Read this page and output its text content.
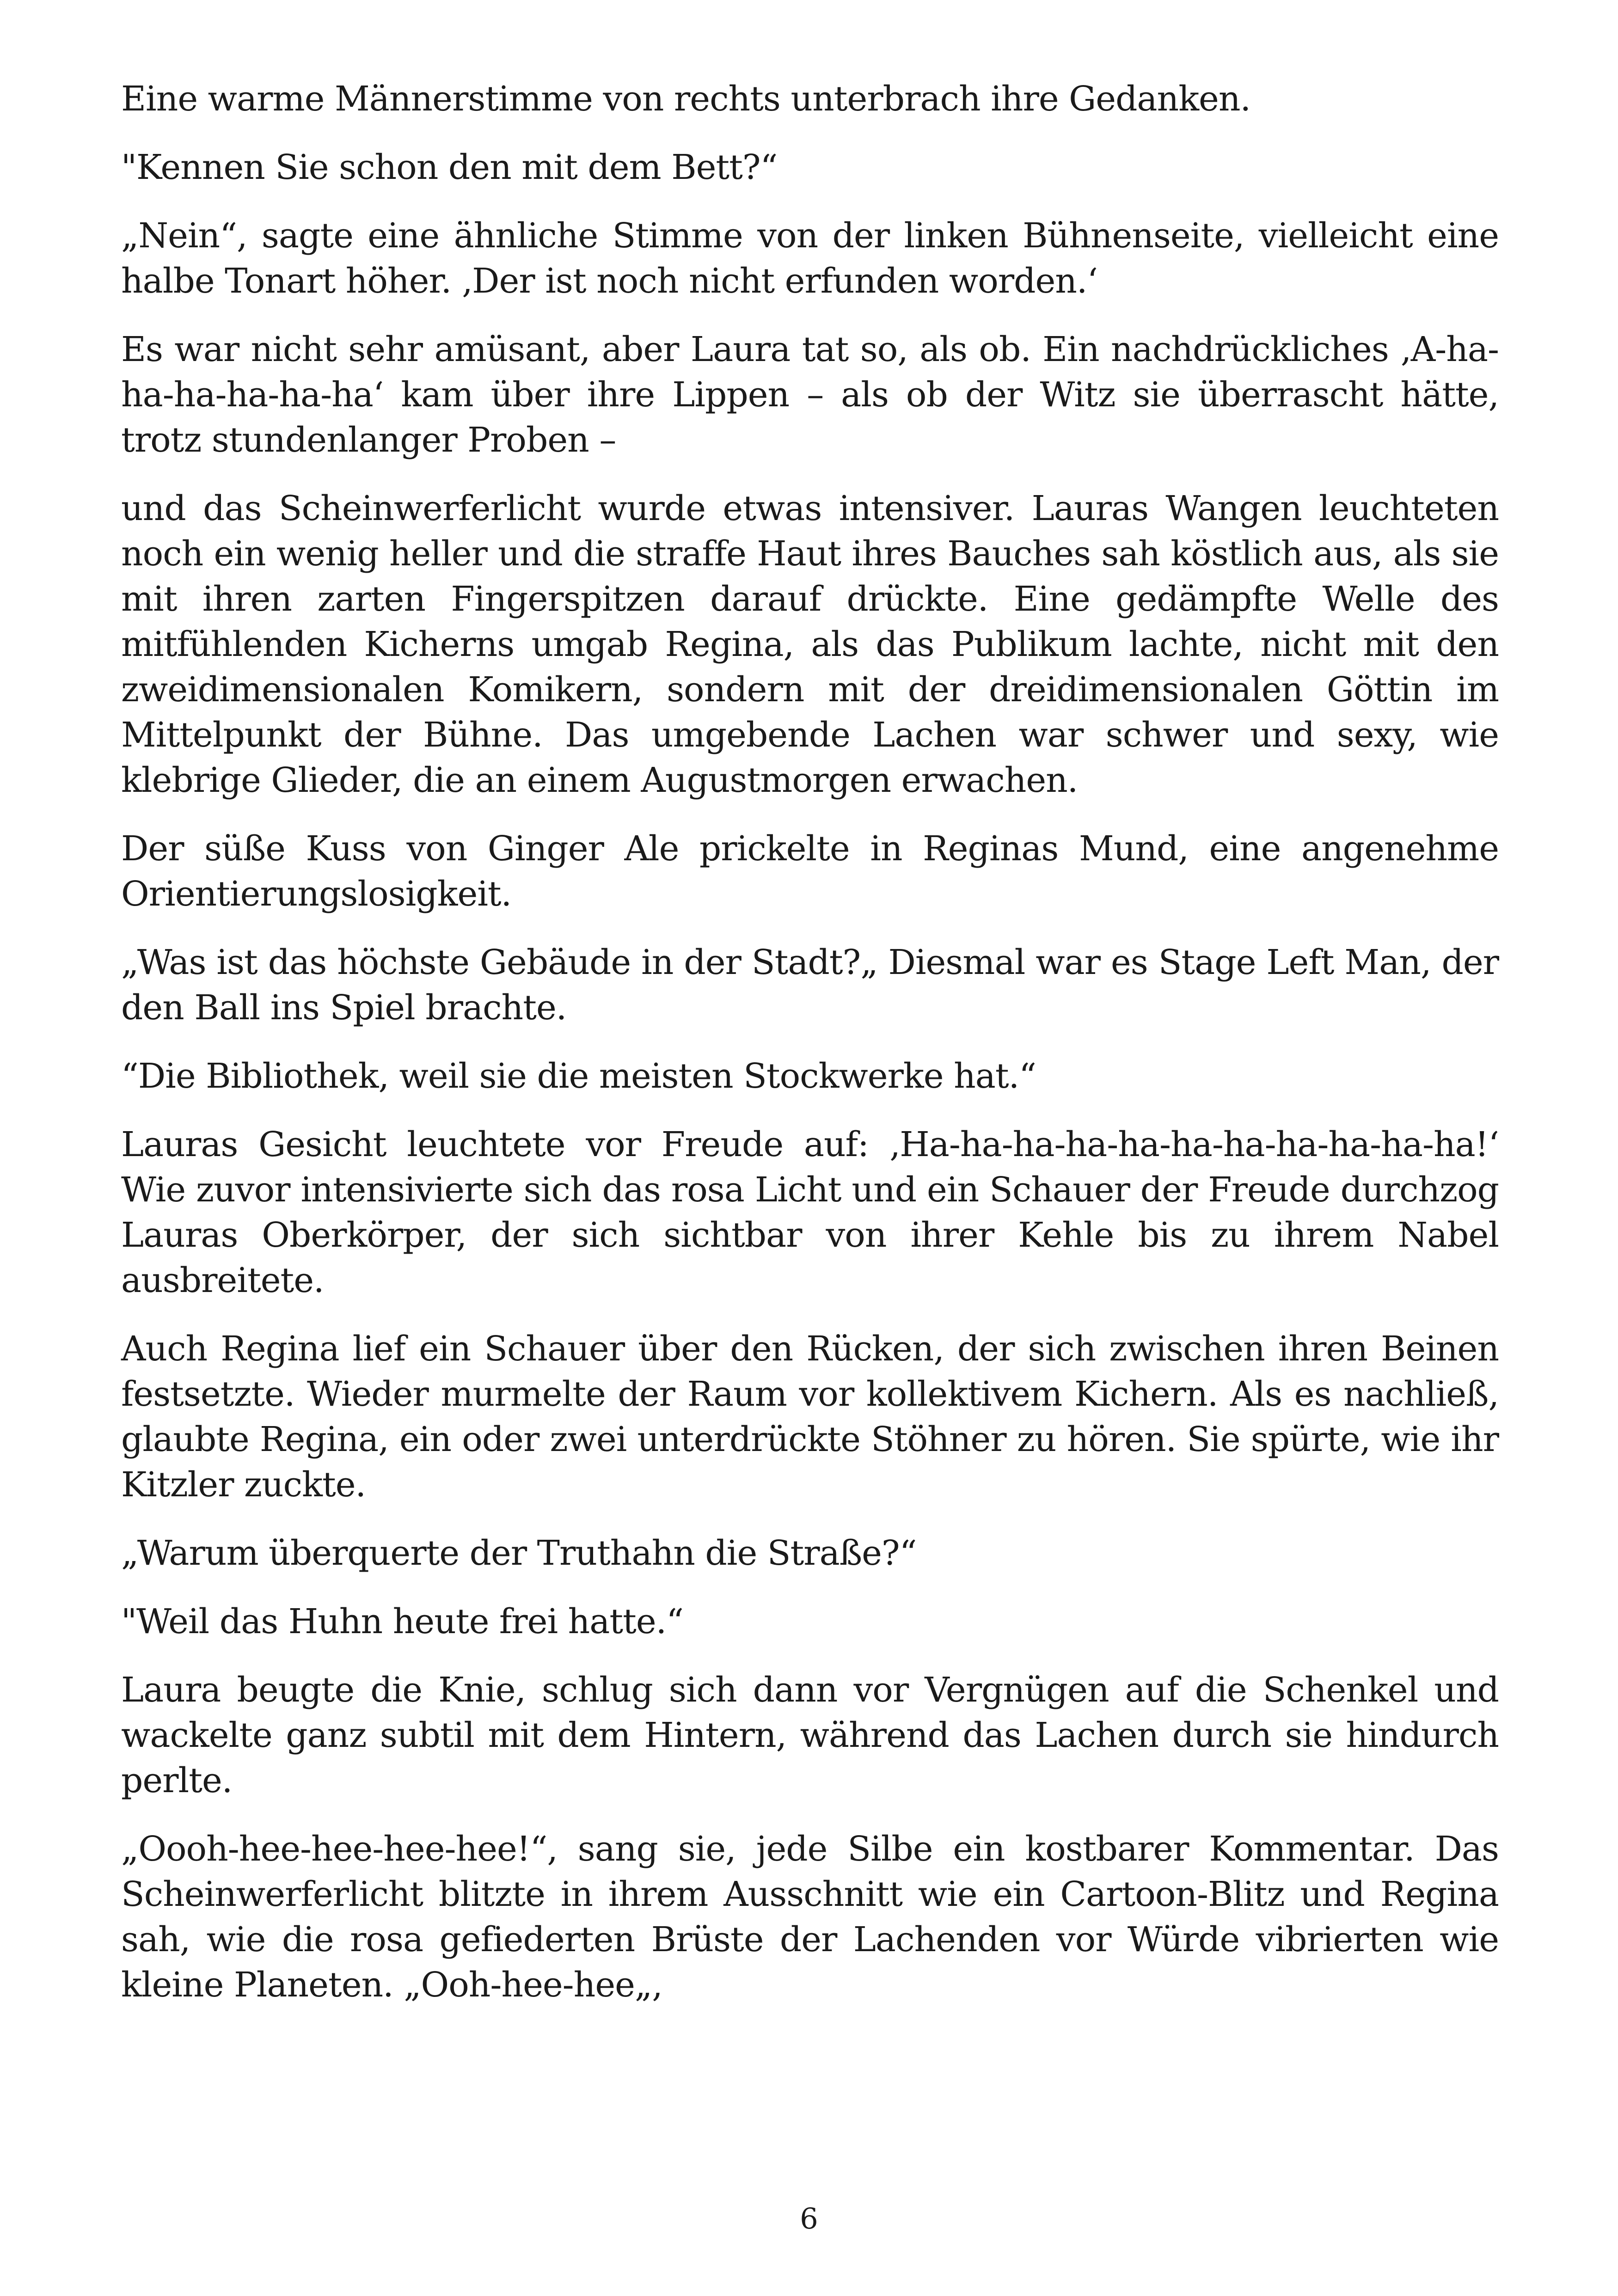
Eine warme Männerstimme von rechts unterbrach ihre Gedanken.

"Kennen Sie schon den mit dem Bett?“

„Nein“, sagte eine ähnliche Stimme von der linken Bühnenseite, vielleicht eine halbe Tonart höher. ‚Der ist noch nicht erfunden worden.‘

Es war nicht sehr amüsant, aber Laura tat so, als ob. Ein nachdrückliches ‚A-ha-ha-ha-ha-ha-ha‘ kam über ihre Lippen – als ob der Witz sie überrascht hätte, trotz stundenlanger Proben –

und das Scheinwerferlicht wurde etwas intensiver. Lauras Wangen leuchteten noch ein wenig heller und die straffe Haut ihres Bauches sah köstlich aus, als sie mit ihren zarten Fingerspitzen darauf drückte. Eine gedämpfte Welle des mitfühlenden Kicherns umgab Regina, als das Publikum lachte, nicht mit den zweidimensionalen Komikern, sondern mit der dreidimensionalen Göttin im Mittelpunkt der Bühne. Das umgebende Lachen war schwer und sexy, wie klebrige Glieder, die an einem Augustmorgen erwachen.

Der süße Kuss von Ginger Ale prickelte in Reginas Mund, eine angenehme Orientierungslosigkeit.

„Was ist das höchste Gebäude in der Stadt?„ Diesmal war es Stage Left Man, der den Ball ins Spiel brachte.

“Die Bibliothek, weil sie die meisten Stockwerke hat.“

Lauras Gesicht leuchtete vor Freude auf: ‚Ha-ha-ha-ha-ha-ha-ha-ha-ha-ha-ha!‘ Wie zuvor intensivierte sich das rosa Licht und ein Schauer der Freude durchzog Lauras Oberkörper, der sich sichtbar von ihrer Kehle bis zu ihrem Nabel ausbreitete.

Auch Regina lief ein Schauer über den Rücken, der sich zwischen ihren Beinen festsetzte. Wieder murmelte der Raum vor kollektivem Kichern. Als es nachließ, glaubte Regina, ein oder zwei unterdrückte Stöhner zu hören. Sie spürte, wie ihr Kitzler zuckte.

„Warum überquerte der Truthahn die Straße?“

"Weil das Huhn heute frei hatte.“

Laura beugte die Knie, schlug sich dann vor Vergnügen auf die Schenkel und wackelte ganz subtil mit dem Hintern, während das Lachen durch sie hindurch perlte.

„Oooh-hee-hee-hee-hee!“, sang sie, jede Silbe ein kostbarer Kommentar. Das Scheinwerferlicht blitzte in ihrem Ausschnitt wie ein Cartoon-Blitz und Regina sah, wie die rosa gefiederten Brüste der Lachenden vor Würde vibrierten wie kleine Planeten. „Ooh-hee-hee„,

6
